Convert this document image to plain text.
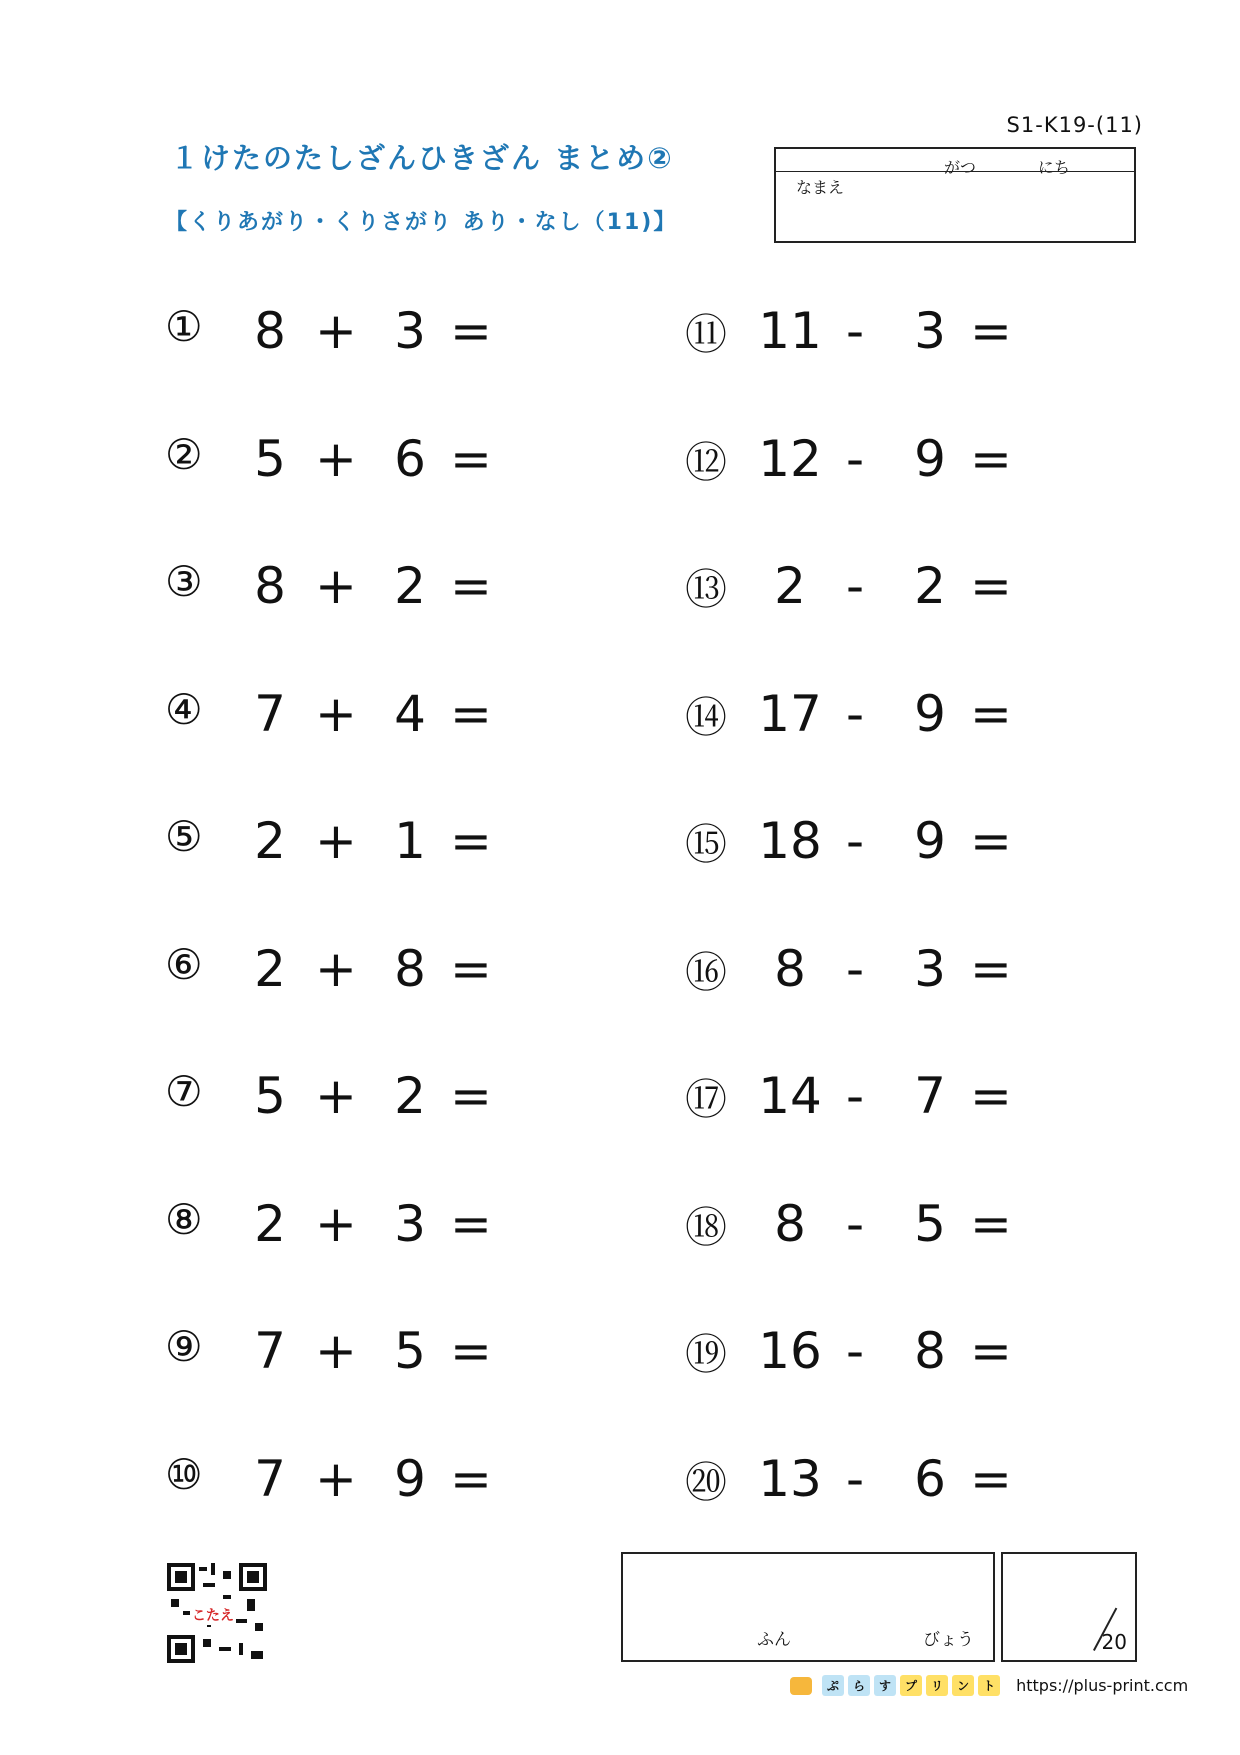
S1-K19-(11)
１けたのたしざんひきざん まとめ②
【くりあがり・くりさがり あり・なし（11)】
がつ	にち
なまえ
①	8 + 3 =
②	5 + 6 =
③	8 + 2 =
④	7 + 4 =
⑤	2 + 1 =
⑥	2 + 8 =
⑦	5 + 2 =
⑧	2 + 3 =
⑨	7 + 5 =
⑩	7 + 9 =
⑪ 11 -	3 =
⑫ 12 -	9 =
⑬ 2 -	2 =
⑭ 17 -	9 =
⑮ 18 -	9 =
⑯ 8 -	3 =
⑰ 14 -	7 =
⑱ 8 -	5 =
⑲ 16 -	8 =
⑳ 13 -	6 =
こたえ
ふん	びょう	20
ぷ	ら	す	プ	リ	ン	ト	https://plus-print.ccm
